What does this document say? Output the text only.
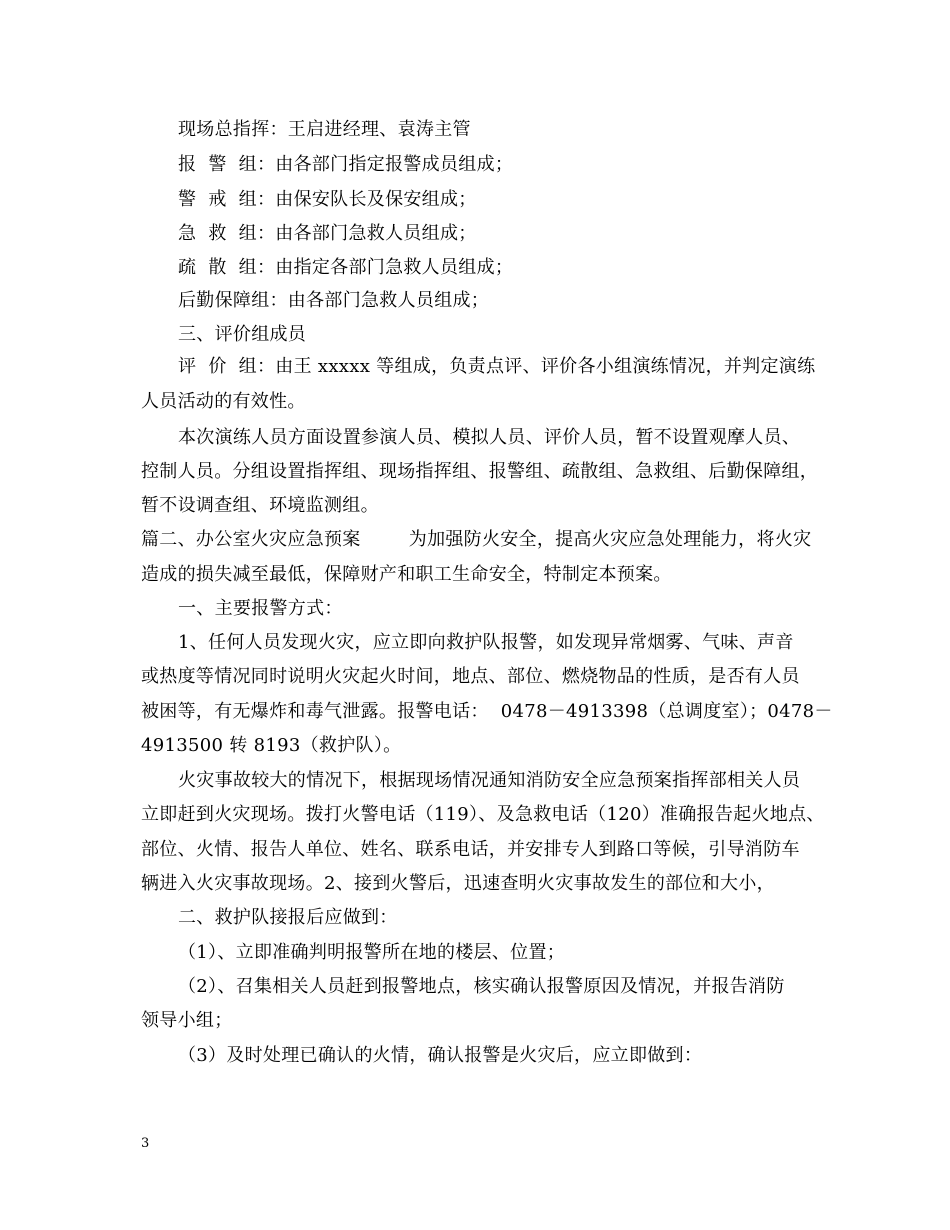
现场总指挥：王启进经理、袁涛主管
报  警  组：由各部门指定报警成员组成；
警  戒  组：由保安队长及保安组成；
急  救  组：由各部门急救人员组成；
疏  散  组：由指定各部门急救人员组成；
后勤保障组：由各部门急救人员组成；
三、评价组成员
评  价  组：由王 xxxxx 等组成，负责点评、评价各小组演练情况，并判定演练
人员活动的有效性。
本次演练人员方面设置参演人员、模拟人员、评价人员，暂不设置观摩人员、
控制人员。分组设置指挥组、现场指挥组、报警组、疏散组、急救组、后勤保障组，
暂不设调查组、环境监测组。
篇二、办公室火灾应急预案        为加强防火安全，提高火灾应急处理能力，将火灾
造成的损失减至最低，保障财产和职工生命安全，特制定本预案。
一、主要报警方式：
1、任何人员发现火灾，应立即向救护队报警，如发现异常烟雾、气味、声音
或热度等情况同时说明火灾起火时间，地点、部位、燃烧物品的性质，是否有人员
被困等，有无爆炸和毒气泄露。报警电话：  0478－4913398（总调度室）；0478－
4913500 转 8193（救护队）。
火灾事故较大的情况下，根据现场情况通知消防安全应急预案指挥部相关人员
立即赶到火灾现场。拨打火警电话（119）、及急救电话（120）准确报告起火地点、
部位、火情、报告人单位、姓名、联系电话，并安排专人到路口等候，引导消防车
辆进入火灾事故现场。2、接到火警后，迅速查明火灾事故发生的部位和大小，
二、救护队接报后应做到：
（1）、立即准确判明报警所在地的楼层、位置；
（2）、召集相关人员赶到报警地点，核实确认报警原因及情况，并报告消防
领导小组；
（3）及时处理已确认的火情，确认报警是火灾后，应立即做到：
3
